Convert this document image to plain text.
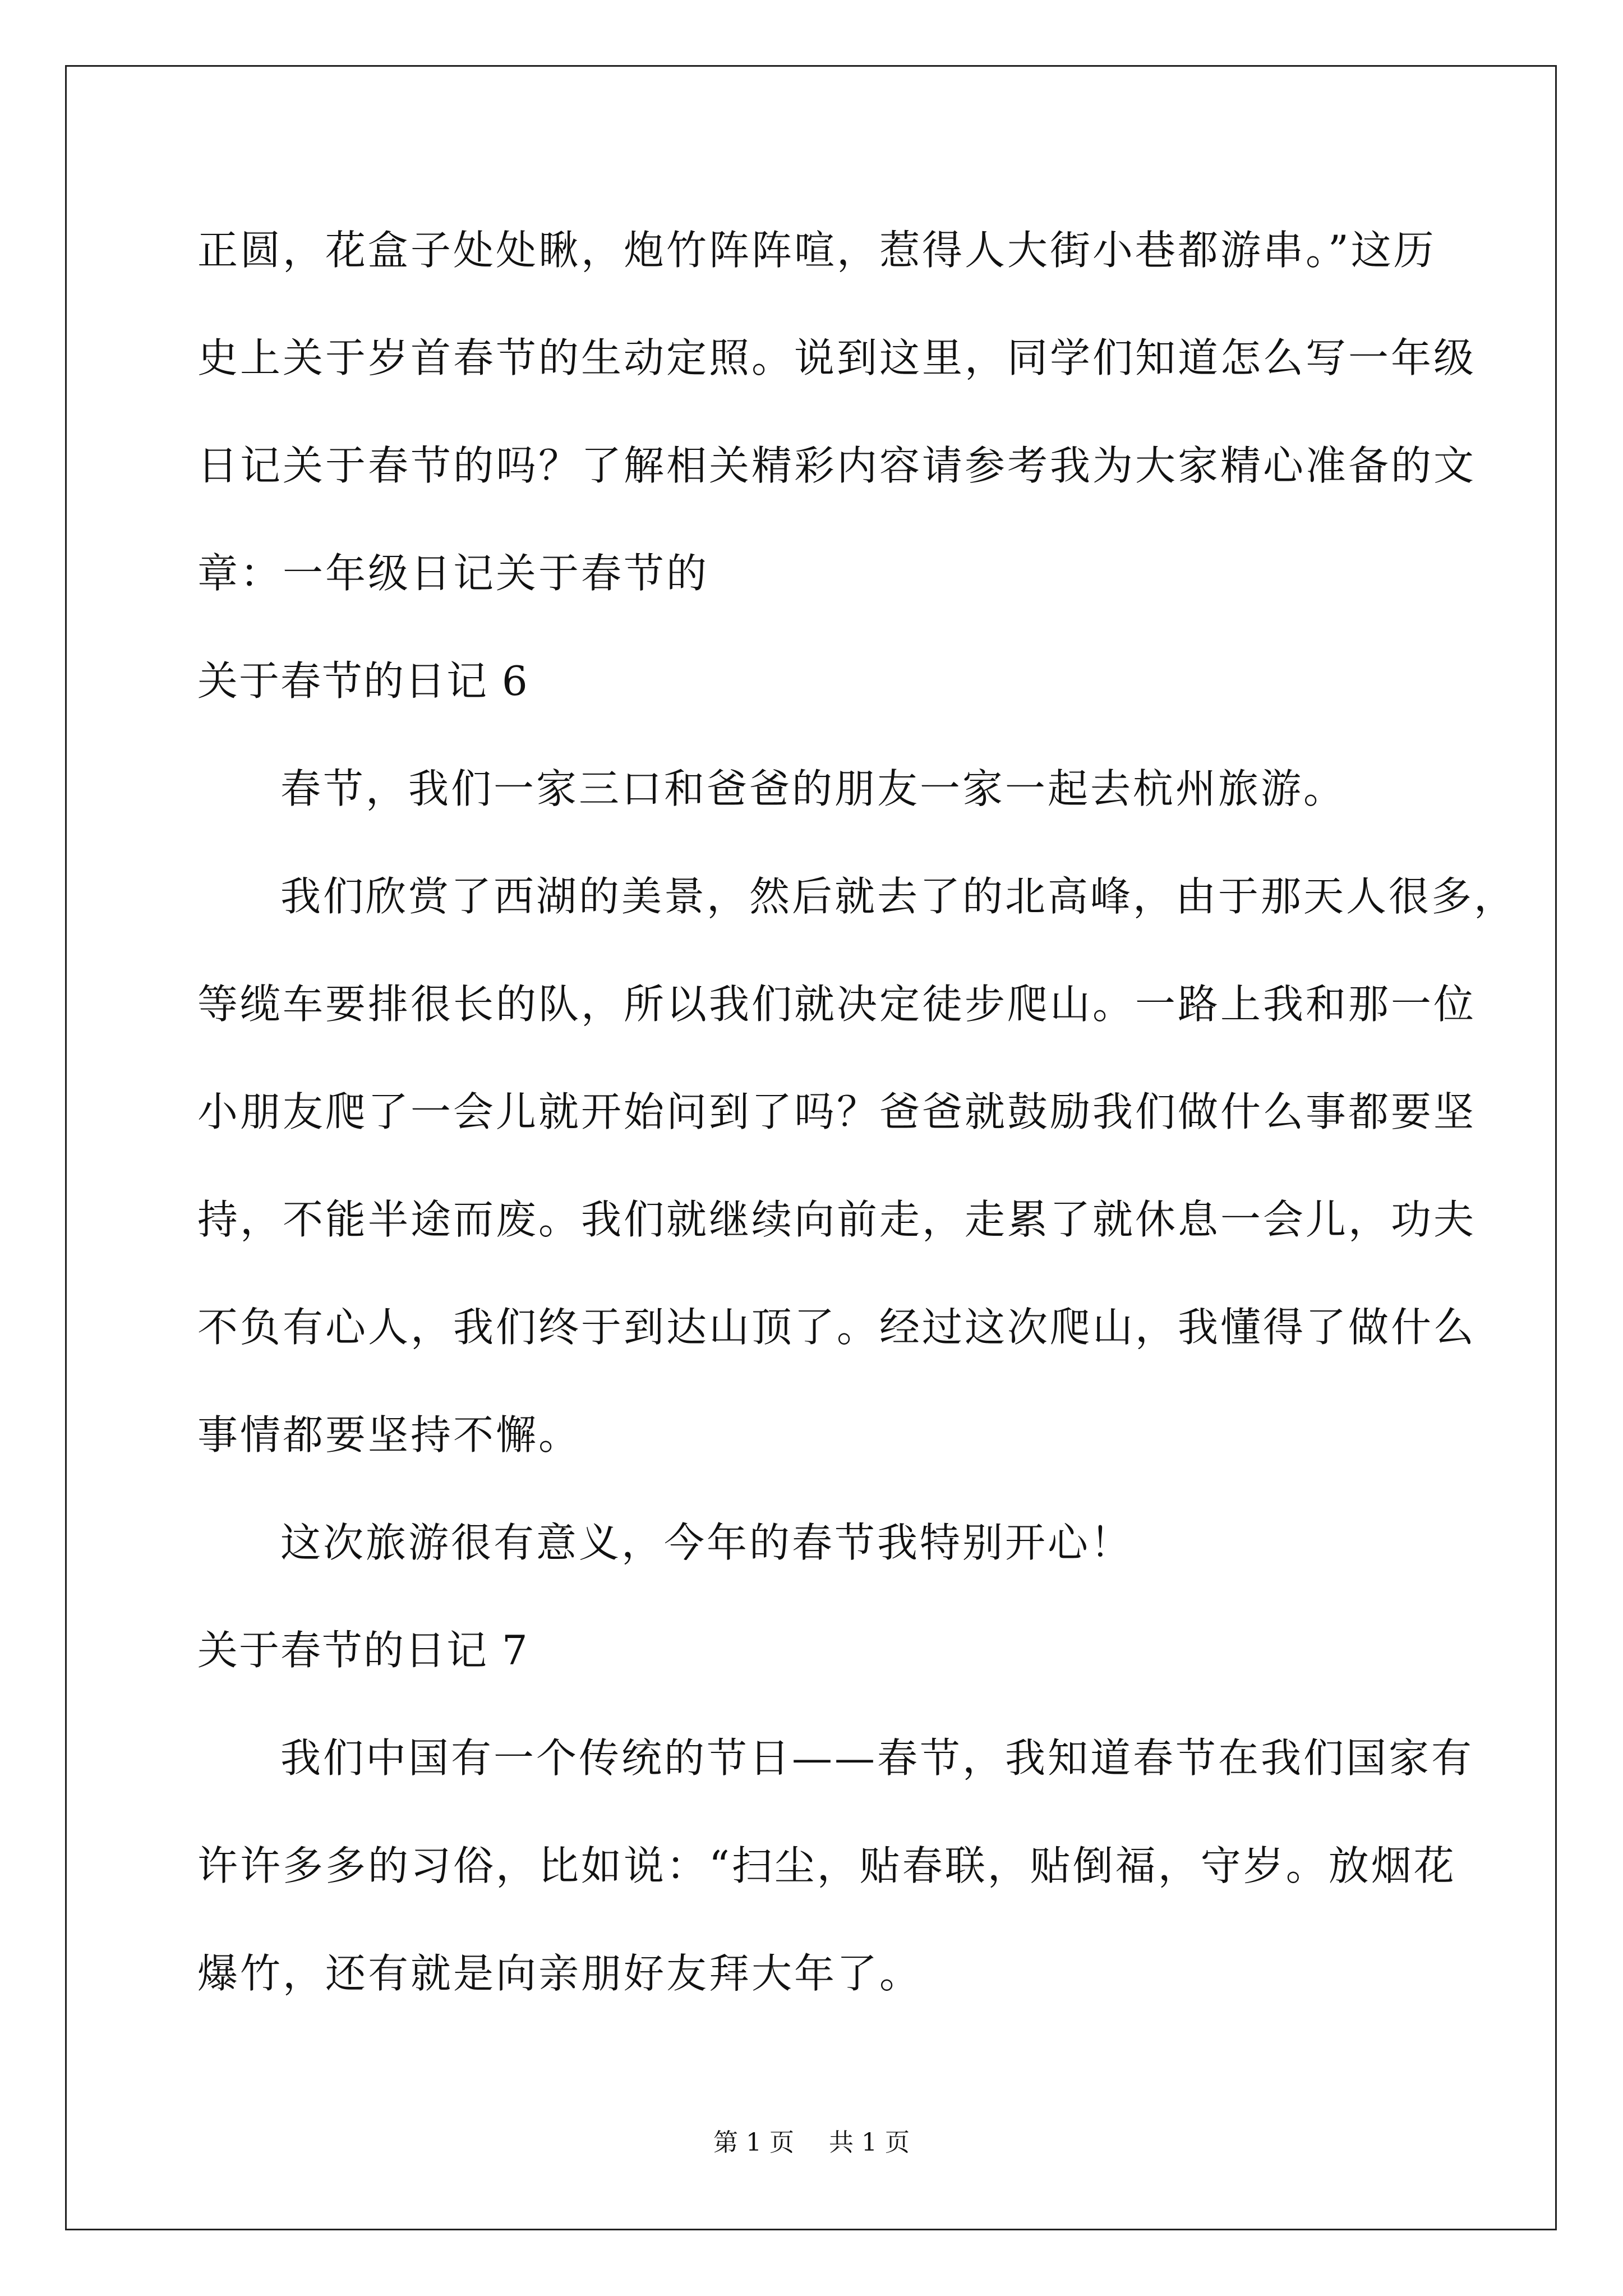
正圆，花盒子处处瞅，炮竹阵阵喧，惹得人大街小巷都游串。”这历
史上关于岁首春节的生动定照。说到这里，同学们知道怎么写一年级
日记关于春节的吗？了解相关精彩内容请参考我为大家精心准备的文
章：一年级日记关于春节的
关于春节的日记 6
春节，我们一家三口和爸爸的朋友一家一起去杭州旅游。
我们欣赏了西湖的美景，然后就去了的北高峰，由于那天人很多，
等缆车要排很长的队，所以我们就决定徒步爬山。一路上我和那一位
小朋友爬了一会儿就开始问到了吗？爸爸就鼓励我们做什么事都要坚
持，不能半途而废。我们就继续向前走，走累了就休息一会儿，功夫
不负有心人，我们终于到达山顶了。经过这次爬山，我懂得了做什么
事情都要坚持不懈。
这次旅游很有意义，今年的春节我特别开心！
关于春节的日记 7
我们中国有一个传统的节日——春节，我知道春节在我们国家有
许许多多的习俗，比如说：“扫尘，贴春联，贴倒福，守岁。放烟花
爆竹，还有就是向亲朋好友拜大年了。
第 1 页 共 1 页
